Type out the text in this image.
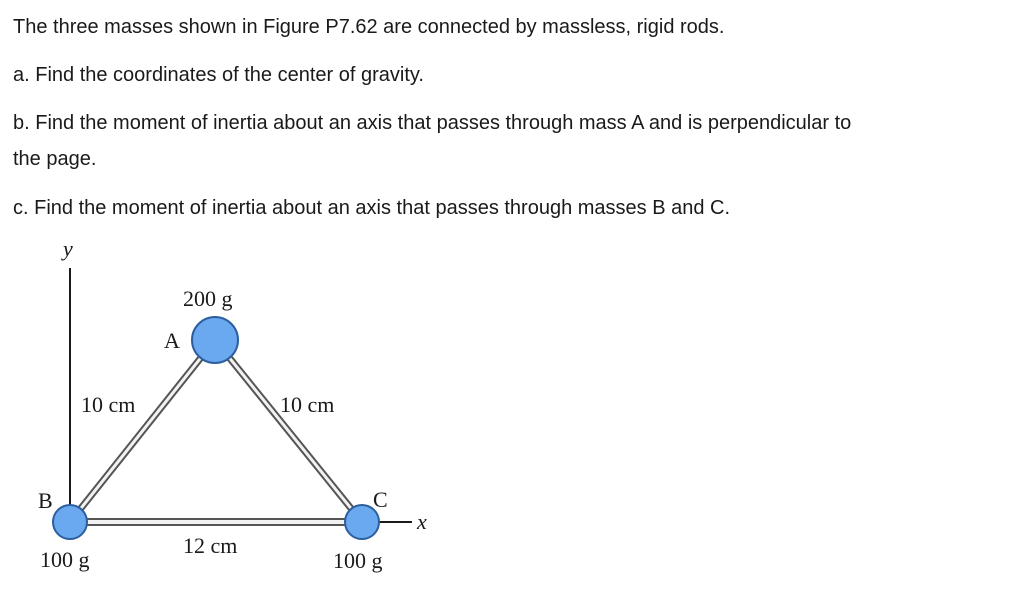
The three masses shown in Figure P7.62 are connected by massless, rigid rods.
a. Find the coordinates of the center of gravity.
b. Find the moment of inertia about an axis that passes through mass A and is perpendicular to
the page.
c. Find the moment of inertia about an axis that passes through masses B and C.
y
x
200 g
A
B
100 g
C
100 g
10 cm	10 cm
12 cm
